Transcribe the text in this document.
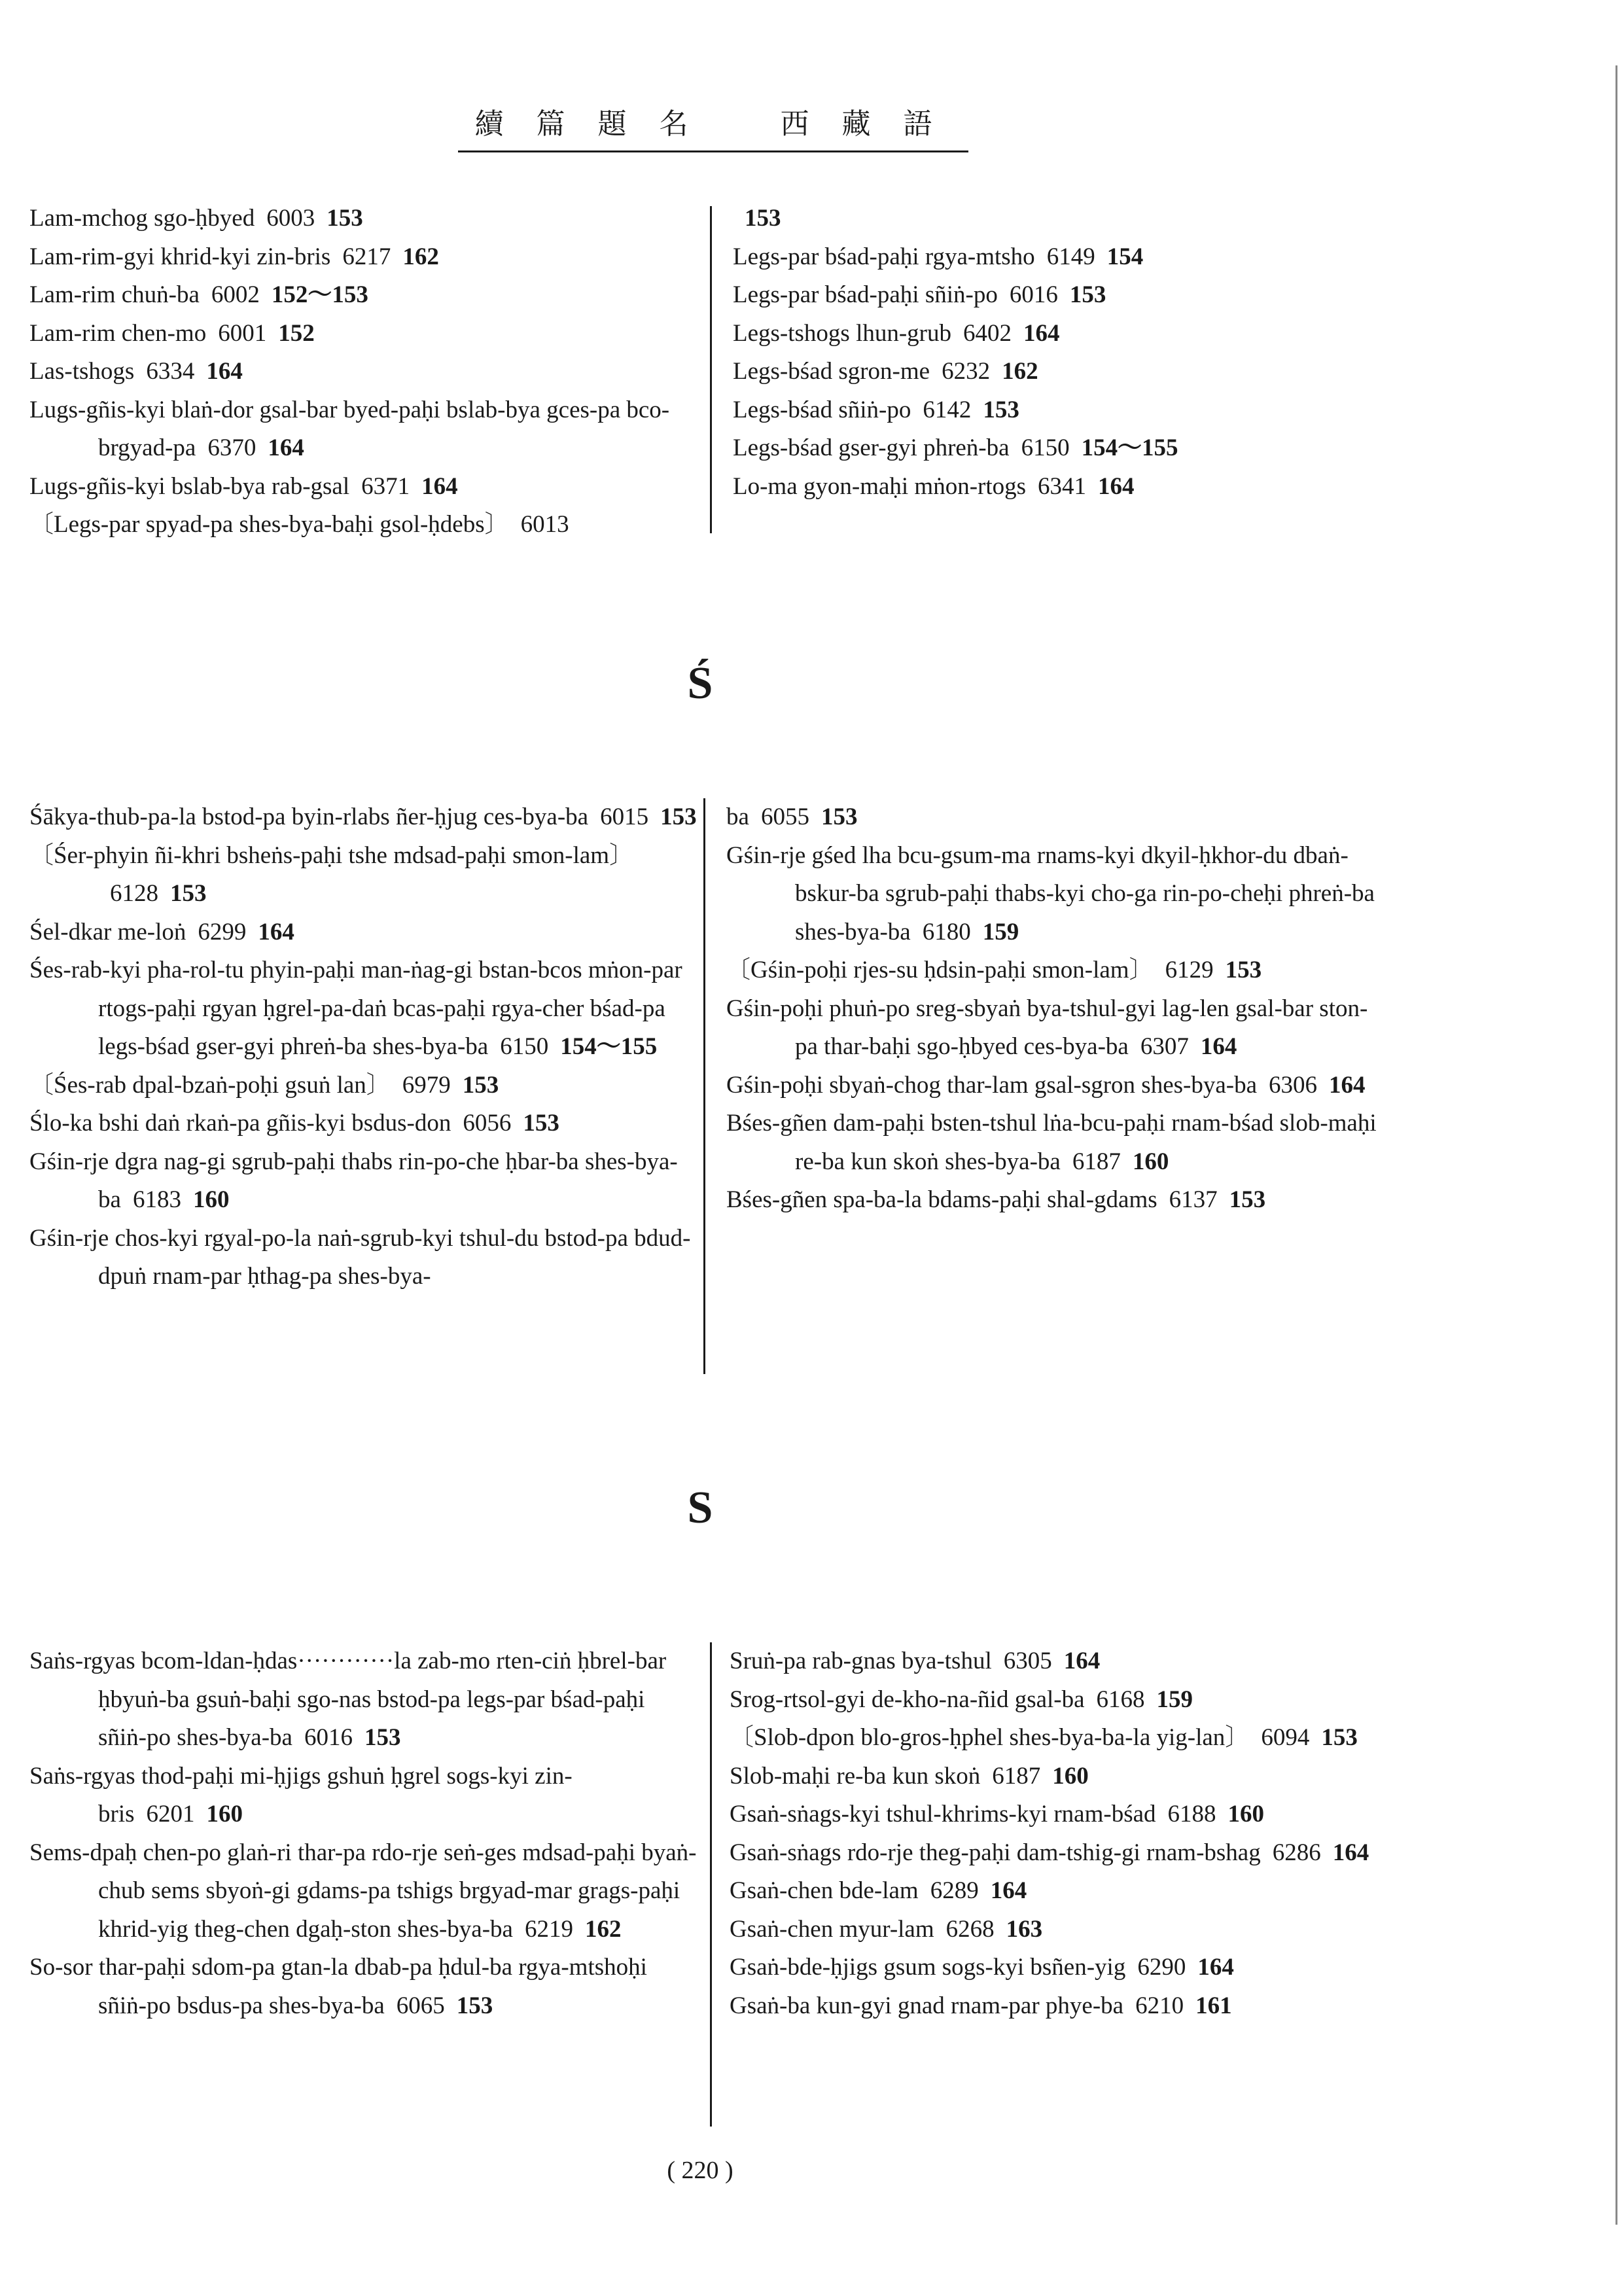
續 篇 題 名	西 藏 語
Lam-mchog sgo-ḥbyed 6003 153
Lam-rim-gyi khrid-kyi zin-bris 6217 162
Lam-rim chuṅ-ba 6002 152～153
Lam-rim chen-mo 6001 152
Las-tshogs 6334 164
Lugs-gñis-kyi blaṅ-dor gsal-bar byed-paḥi bslab-bya gces-pa bco-brgyad-pa 6370 164
Lugs-gñis-kyi bslab-bya rab-gsal 6371 164
〔Legs-par spyad-pa shes-bya-baḥi gsol-ḥdebs〕 6013
153
Legs-par bśad-paḥi rgya-mtsho 6149 154
Legs-par bśad-paḥi sñiṅ-po 6016 153
Legs-tshogs lhun-grub 6402 164
Legs-bśad sgron-me 6232 162
Legs-bśad sñiṅ-po 6142 153
Legs-bśad gser-gyi phreṅ-ba 6150 154～155
Lo-ma gyon-maḥi mṅon-rtogs 6341 164
Ś
Śākya-thub-pa-la bstod-pa byin-rlabs ñer-ḥjug ces-bya-ba 6015 153
〔Śer-phyin ñi-khri bsheṅs-paḥi tshe mdsad-paḥi smon-lam〕6128 153
Śel-dkar me-loṅ 6299 164
Śes-rab-kyi pha-rol-tu phyin-paḥi man-ṅag-gi bstan-bcos mṅon-par rtogs-paḥi rgyan ḥgrel-pa-daṅ bcas-paḥi rgya-cher bśad-pa legs-bśad gser-gyi phreṅ-ba shes-bya-ba 6150 154～155
〔Śes-rab dpal-bzaṅ-poḥi gsuṅ lan〕 6979 153
Ślo-ka bshi daṅ rkaṅ-pa gñis-kyi bsdus-don 6056 153
Gśin-rje dgra nag-gi sgrub-paḥi thabs rin-po-che ḥbar-ba shes-bya-ba 6183 160
Gśin-rje chos-kyi rgyal-po-la naṅ-sgrub-kyi tshul-du bstod-pa bdud-dpuṅ rnam-par ḥthag-pa shes-bya-
ba 6055 153
Gśin-rje gśed lha bcu-gsum-ma rnams-kyi dkyil-ḥkhor-du dbaṅ-bskur-ba sgrub-paḥi thabs-kyi cho-ga rin-po-cheḥi phreṅ-ba shes-bya-ba 6180 159
〔Gśin-poḥi rjes-su ḥdsin-paḥi smon-lam〕 6129 153
Gśin-poḥi phuṅ-po sreg-sbyaṅ bya-tshul-gyi lag-len gsal-bar ston-pa thar-baḥi sgo-ḥbyed ces-bya-ba 6307 164
Gśin-poḥi sbyaṅ-chog thar-lam gsal-sgron shes-bya-ba 6306 164
Bśes-gñen dam-paḥi bsten-tshul lṅa-bcu-paḥi rnam-bśad slob-maḥi re-ba kun skoṅ shes-bya-ba 6187 160
Bśes-gñen spa-ba-la bdams-paḥi shal-gdams 6137 153
S
Saṅs-rgyas bcom-ldan-ḥdas············la zab-mo rten-ciṅ ḥbrel-bar ḥbyuṅ-ba gsuṅ-baḥi sgo-nas bstod-pa legs-par bśad-paḥi sñiṅ-po shes-bya-ba 6016 153
Saṅs-rgyas thod-paḥi mi-ḥjigs gshuṅ ḥgrel sogs-kyi zin-bris 6201 160
Sems-dpaḥ chen-po glaṅ-ri thar-pa rdo-rje seṅ-ges mdsad-paḥi byaṅ-chub sems sbyoṅ-gi gdams-pa tshigs brgyad-mar grags-paḥi khrid-yig theg-chen dgaḥ-ston shes-bya-ba 6219 162
So-sor thar-paḥi sdom-pa gtan-la dbab-pa ḥdul-ba rgya-mtshoḥi sñiṅ-po bsdus-pa shes-bya-ba 6065 153
Sruṅ-pa rab-gnas bya-tshul 6305 164
Srog-rtsol-gyi de-kho-na-ñid gsal-ba 6168 159
〔Slob-dpon blo-gros-ḥphel shes-bya-ba-la yig-lan〕 6094 153
Slob-maḥi re-ba kun skoṅ 6187 160
Gsaṅ-sṅags-kyi tshul-khrims-kyi rnam-bśad 6188 160
Gsaṅ-sṅags rdo-rje theg-paḥi dam-tshig-gi rnam-bshag 6286 164
Gsaṅ-chen bde-lam 6289 164
Gsaṅ-chen myur-lam 6268 163
Gsaṅ-bde-ḥjigs gsum sogs-kyi bsñen-yig 6290 164
Gsaṅ-ba kun-gyi gnad rnam-par phye-ba 6210 161
( 220 )
